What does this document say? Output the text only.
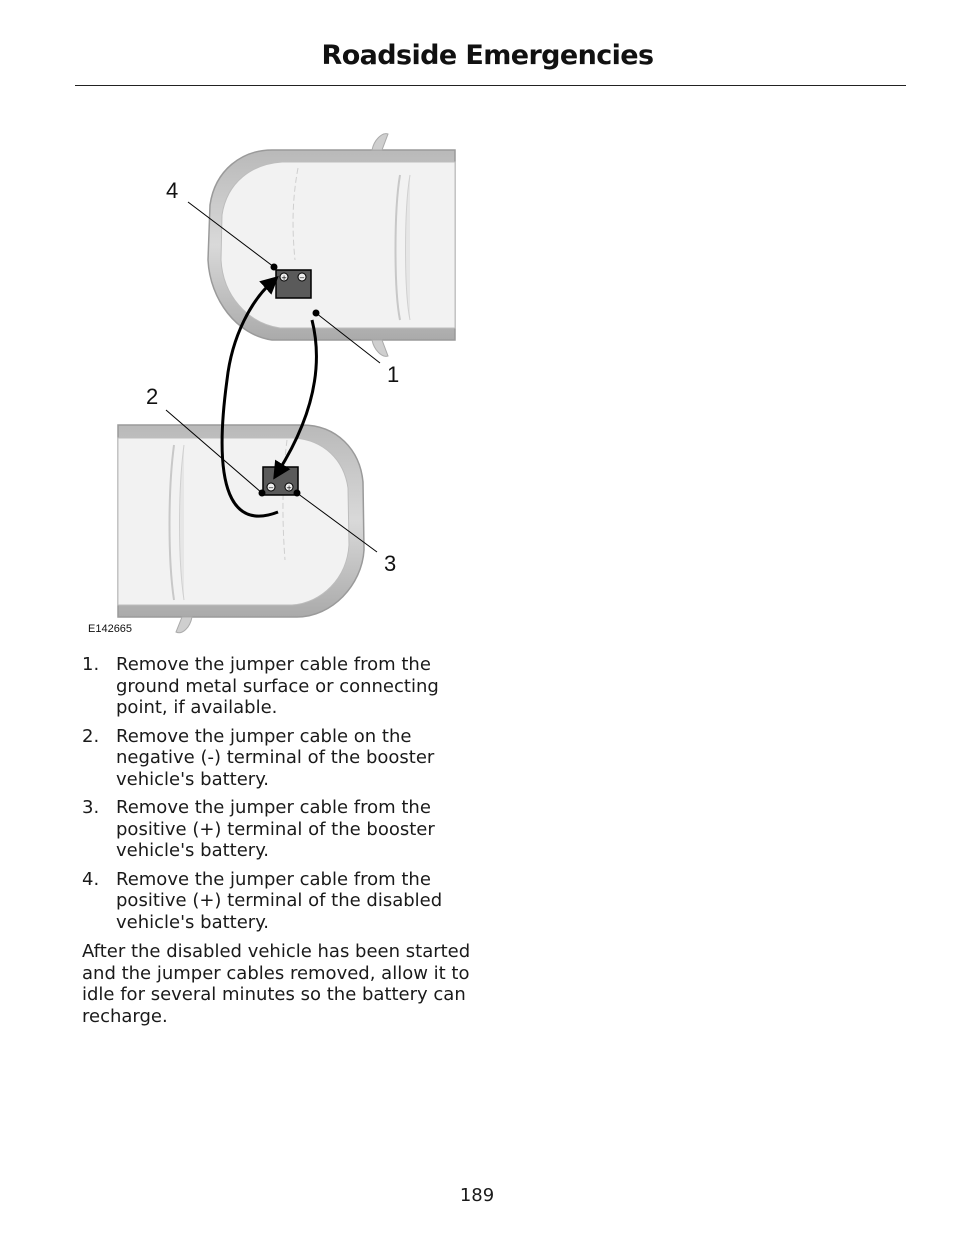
Roadside Emergencies
+ −
− +
4
1
2
3
E142665
1. Remove the jumper cable from the ground metal surface or connecting point, if available.
2. Remove the jumper cable on the negative (-) terminal of the booster vehicle's battery.
3. Remove the jumper cable from the positive (+) terminal of the booster vehicle's battery.
4. Remove the jumper cable from the positive (+) terminal of the disabled vehicle's battery.

After the disabled vehicle has been started and the jumper cables removed, allow it to idle for several minutes so the battery can recharge.

189
